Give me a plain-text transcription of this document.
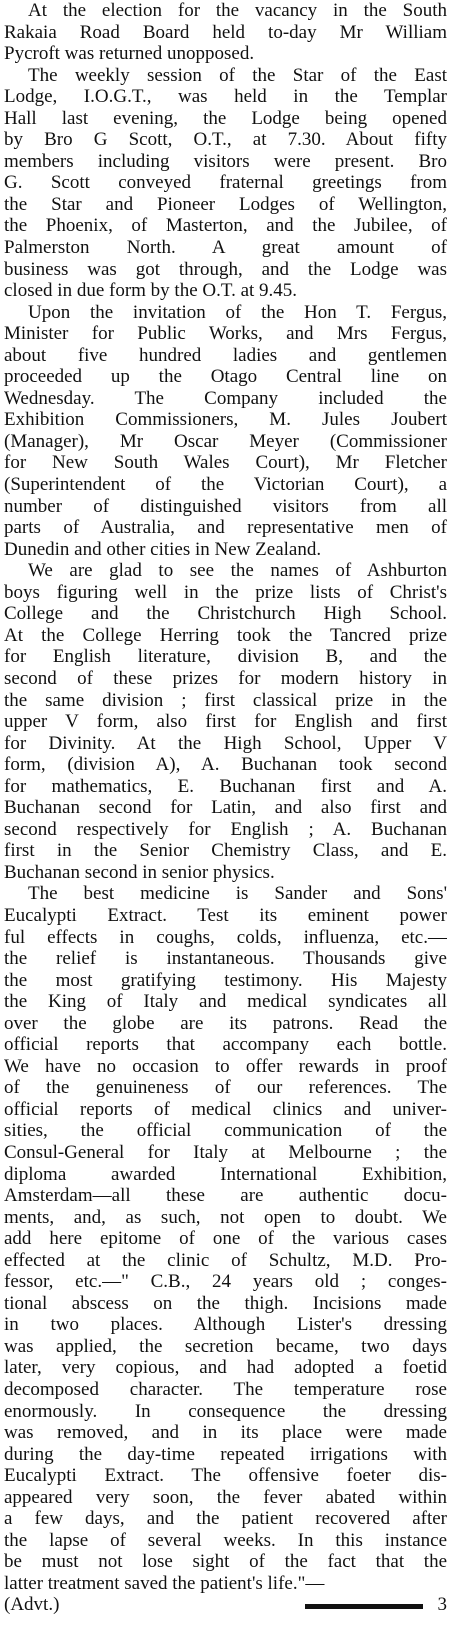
At the election for the vacancy in the South
Rakaia Road Board held to-day Mr William
Pycroft was returned unopposed.
The weekly session of the Star of the East
Lodge, I.O.G.T., was held in the Templar
Hall last evening, the Lodge being opened
by Bro G Scott, O.T., at 7.30. About fifty
members including visitors were present. Bro
G. Scott conveyed fraternal greetings from
the Star and Pioneer Lodges of Wellington,
the Phoenix, of Masterton, and the Jubilee, of
Palmerston North. A great amount of
business was got through, and the Lodge was
closed in due form by the O.T. at 9.45.
Upon the invitation of the Hon T. Fergus,
Minister for Public Works, and Mrs Fergus,
about five hundred ladies and gentlemen
proceeded up the Otago Central line on
Wednesday. The Company included the
Exhibition Commissioners, M. Jules Joubert
(Manager), Mr Oscar Meyer (Commissioner
for New South Wales Court), Mr Fletcher
(Superintendent of the Victorian Court), a
number of distinguished visitors from all
parts of Australia, and representative men of
Dunedin and other cities in New Zealand.
We are glad to see the names of Ashburton
boys figuring well in the prize lists of Christ's
College and the Christchurch High School.
At the College Herring took the Tancred prize
for English literature, division B, and the
second of these prizes for modern history in
the same division ; first classical prize in the
upper V form, also first for English and first
for Divinity. At the High School, Upper V
form, (division A), A. Buchanan took second
for mathematics, E. Buchanan first and A.
Buchanan second for Latin, and also first and
second respectively for English ; A. Buchanan
first in the Senior Chemistry Class, and E.
Buchanan second in senior physics.
The best medicine is Sander and Sons'
Eucalypti Extract. Test its eminent power
ful effects in coughs, colds, influenza, etc.—
the relief is instantaneous. Thousands give
the most gratifying testimony. His Majesty
the King of Italy and medical syndicates all
over the globe are its patrons. Read the
official reports that accompany each bottle.
We have no occasion to offer rewards in proof
of the genuineness of our references. The
official reports of medical clinics and univer-
sities, the official communication of the
Consul-General for Italy at Melbourne ; the
diploma awarded International Exhibition,
Amsterdam—all these are authentic docu-
ments, and, as such, not open to doubt. We
add here epitome of one of the various cases
effected at the clinic of Schultz, M.D. Pro-
fessor, etc.—" C.B., 24 years old ; conges-
tional abscess on the thigh. Incisions made
in two places. Although Lister's dressing
was applied, the secretion became, two days
later, very copious, and had adopted a foetid
decomposed character. The temperature rose
enormously. In consequence the dressing
was removed, and in its place were made
during the day-time repeated irrigations with
Eucalypti Extract. The offensive foeter dis-
appeared very soon, the fever abated within
a few days, and the patient recovered after
the lapse of several weeks. In this instance
be must not lose sight of the fact that the
latter treatment saved the patient's life."—
(Advt.)	3
